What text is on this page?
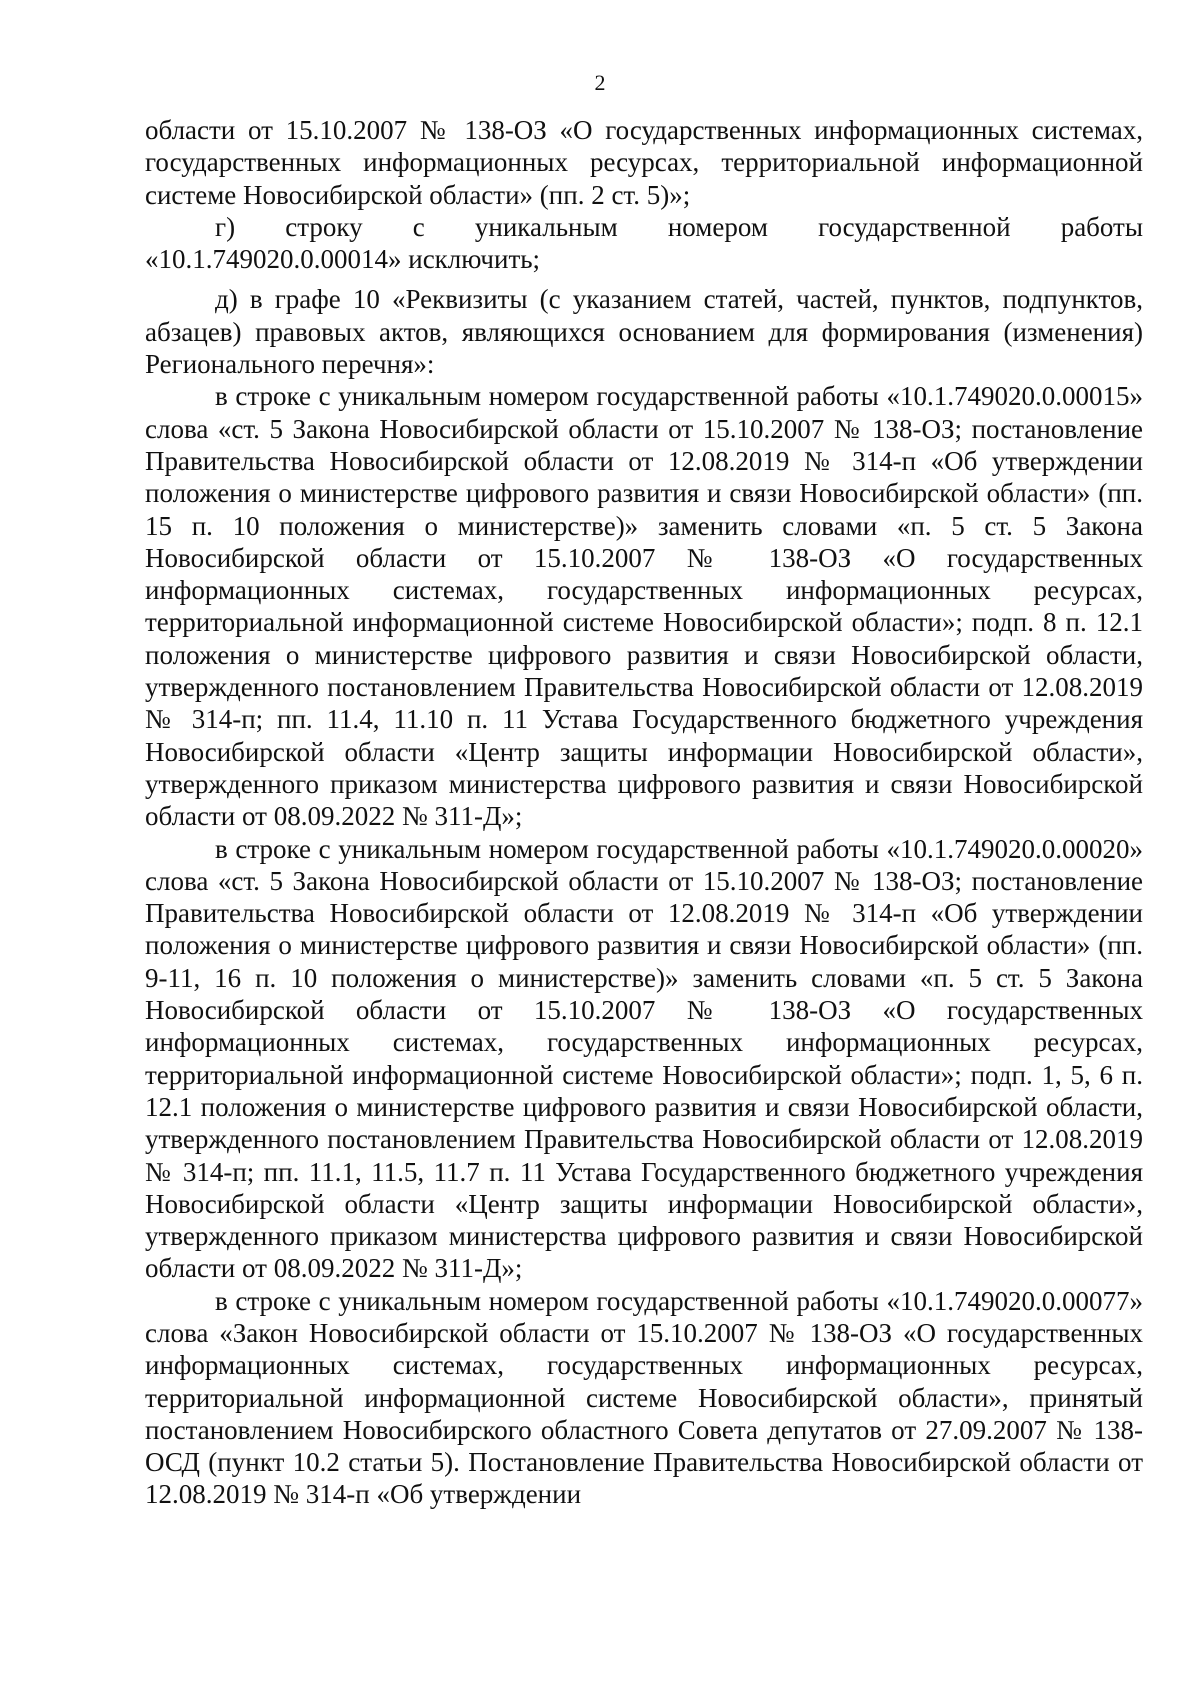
2

области от 15.10.2007 № 138-ОЗ «О государственных информационных системах, государственных информационных ресурсах, территориальной информационной системе Новосибирской области» (пп. 2 ст. 5)»;

г) строку с уникальным номером государственной работы «10.1.749020.0.00014» исключить;

д) в графе 10 «Реквизиты (с указанием статей, частей, пунктов, подпунктов, абзацев) правовых актов, являющихся основанием для формирования (изменения) Регионального перечня»:

в строке с уникальным номером государственной работы «10.1.749020.0.00015» слова «ст. 5 Закона Новосибирской области от 15.10.2007 № 138-ОЗ; постановление Правительства Новосибирской области от 12.08.2019 № 314-п «Об утверждении положения о министерстве цифрового развития и связи Новосибирской области» (пп. 15 п. 10 положения о министерстве)» заменить словами «п. 5 ст. 5 Закона Новосибирской области от 15.10.2007 № 138-ОЗ «О государственных информационных системах, государственных информационных ресурсах, территориальной информационной системе Новосибирской области»; подп. 8 п. 12.1 положения о министерстве цифрового развития и связи Новосибирской области, утвержденного постановлением Правительства Новосибирской области от 12.08.2019 № 314-п; пп. 11.4, 11.10 п. 11 Устава Государственного бюджетного учреждения Новосибирской области «Центр защиты информации Новосибирской области», утвержденного приказом министерства цифрового развития и связи Новосибирской области от 08.09.2022 № 311-Д»;

в строке с уникальным номером государственной работы «10.1.749020.0.00020» слова «ст. 5 Закона Новосибирской области от 15.10.2007 № 138-ОЗ; постановление Правительства Новосибирской области от 12.08.2019 № 314-п «Об утверждении положения о министерстве цифрового развития и связи Новосибирской области» (пп. 9-11, 16 п. 10 положения о министерстве)» заменить словами «п. 5 ст. 5 Закона Новосибирской области от 15.10.2007 № 138-ОЗ «О государственных информационных системах, государственных информационных ресурсах, территориальной информационной системе Новосибирской области»; подп. 1, 5, 6 п. 12.1 положения о министерстве цифрового развития и связи Новосибирской области, утвержденного постановлением Правительства Новосибирской области от 12.08.2019 № 314-п; пп. 11.1, 11.5, 11.7 п. 11 Устава Государственного бюджетного учреждения Новосибирской области «Центр защиты информации Новосибирской области», утвержденного приказом министерства цифрового развития и связи Новосибирской области от 08.09.2022 № 311-Д»;

в строке с уникальным номером государственной работы «10.1.749020.0.00077» слова «Закон Новосибирской области от 15.10.2007 № 138-ОЗ «О государственных информационных системах, государственных информационных ресурсах, территориальной информационной системе Новосибирской области», принятый постановлением Новосибирского областного Совета депутатов от 27.09.2007 № 138-ОСД (пункт 10.2 статьи 5). Постановление Правительства Новосибирской области от 12.08.2019 № 314-п «Об утверждении
